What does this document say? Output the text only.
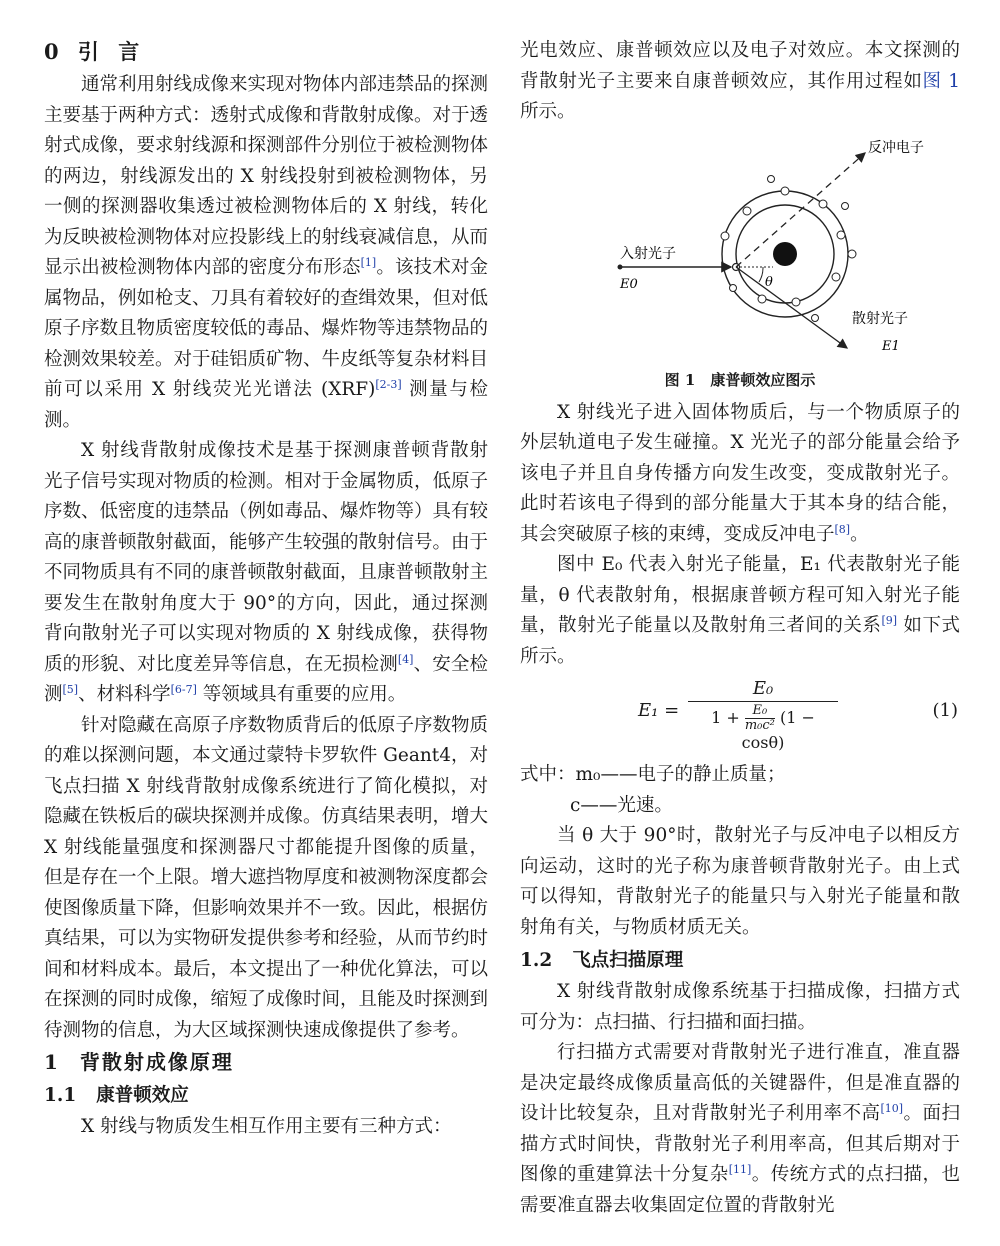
0 引 言

通常利用射线成像来实现对物体内部违禁品的探测主要基于两种方式：透射式成像和背散射成像。对于透射式成像，要求射线源和探测部件分别位于被检测物体的两边，射线源发出的 X 射线投射到被检测物体，另一侧的探测器收集透过被检测物体后的 X 射线，转化为反映被检测物体对应投影线上的射线衰减信息，从而显示出被检测物体内部的密度分布形态[1]。该技术对金属物品，例如枪支、刀具有着较好的查缉效果，但对低原子序数且物质密度较低的毒品、爆炸物等违禁物品的检测效果较差。对于硅铝质矿物、牛皮纸等复杂材料目前可以采用 X 射线荧光光谱法 (XRF)[2-3] 测量与检测。

X 射线背散射成像技术是基于探测康普顿背散射光子信号实现对物质的检测。相对于金属物质，低原子序数、低密度的违禁品（例如毒品、爆炸物等）具有较高的康普顿散射截面，能够产生较强的散射信号。由于不同物质具有不同的康普顿散射截面，且康普顿散射主要发生在散射角度大于 90°的方向，因此，通过探测背向散射光子可以实现对物质的 X 射线成像，获得物质的形貌、对比度差异等信息，在无损检测[4]、安全检测[5]、材料科学[6-7] 等领域具有重要的应用。

针对隐藏在高原子序数物质背后的低原子序数物质的难以探测问题，本文通过蒙特卡罗软件 Geant4，对飞点扫描 X 射线背散射成像系统进行了简化模拟，对隐藏在铁板后的碳块探测并成像。仿真结果表明，增大 X 射线能量强度和探测器尺寸都能提升图像的质量，但是存在一个上限。增大遮挡物厚度和被测物深度都会使图像质量下降，但影响效果并不一致。因此，根据仿真结果，可以为实物研发提供参考和经验，从而节约时间和材料成本。最后，本文提出了一种优化算法，可以在探测的同时成像，缩短了成像时间，且能及时探测到待测物的信息，为大区域探测快速成像提供了参考。

1 背散射成像原理
1.1 康普顿效应

X 射线与物质发生相互作用主要有三种方式：

光电效应、康普顿效应以及电子对效应。本文探测的背散射光子主要来自康普顿效应，其作用过程如图 1 所示。

反冲电子
入射光子
E0
散射光子
E1
θ
图 1　康普顿效应图示

X 射线光子进入固体物质后，与一个物质原子的外层轨道电子发生碰撞。X 光光子的部分能量会给予该电子并且自身传播方向发生改变，变成散射光子。此时若该电子得到的部分能量大于其本身的结合能，其会突破原子核的束缚，变成反冲电子[8]。

图中 E₀ 代表入射光子能量，E₁ 代表散射光子能量，θ 代表散射角，根据康普顿方程可知入射光子能量，散射光子能量以及散射角三者间的关系[9] 如下式所示。

$E_1 = \frac{\text{E₀}}{1 + \frac{\text{E₀}}{\text{m₀c²}} (1 - \cos\theta)}$	(1)

式中：m₀——电子的静止质量；

c——光速。

当 θ 大于 90°时，散射光子与反冲电子以相反方向运动，这时的光子称为康普顿背散射光子。由上式可以得知，背散射光子的能量只与入射光子能量和散射角有关，与物质材质无关。

1.2 飞点扫描原理

X 射线背散射成像系统基于扫描成像，扫描方式可分为：点扫描、行扫描和面扫描。

行扫描方式需要对背散射光子进行准直，准直器是决定最终成像质量高低的关键器件，但是准直器的设计比较复杂，且对背散射光子利用率不高[10]。面扫描方式时间快，背散射光子利用率高，但其后期对于图像的重建算法十分复杂[11]。传统方式的点扫描，也需要准直器去收集固定位置的背散射光
